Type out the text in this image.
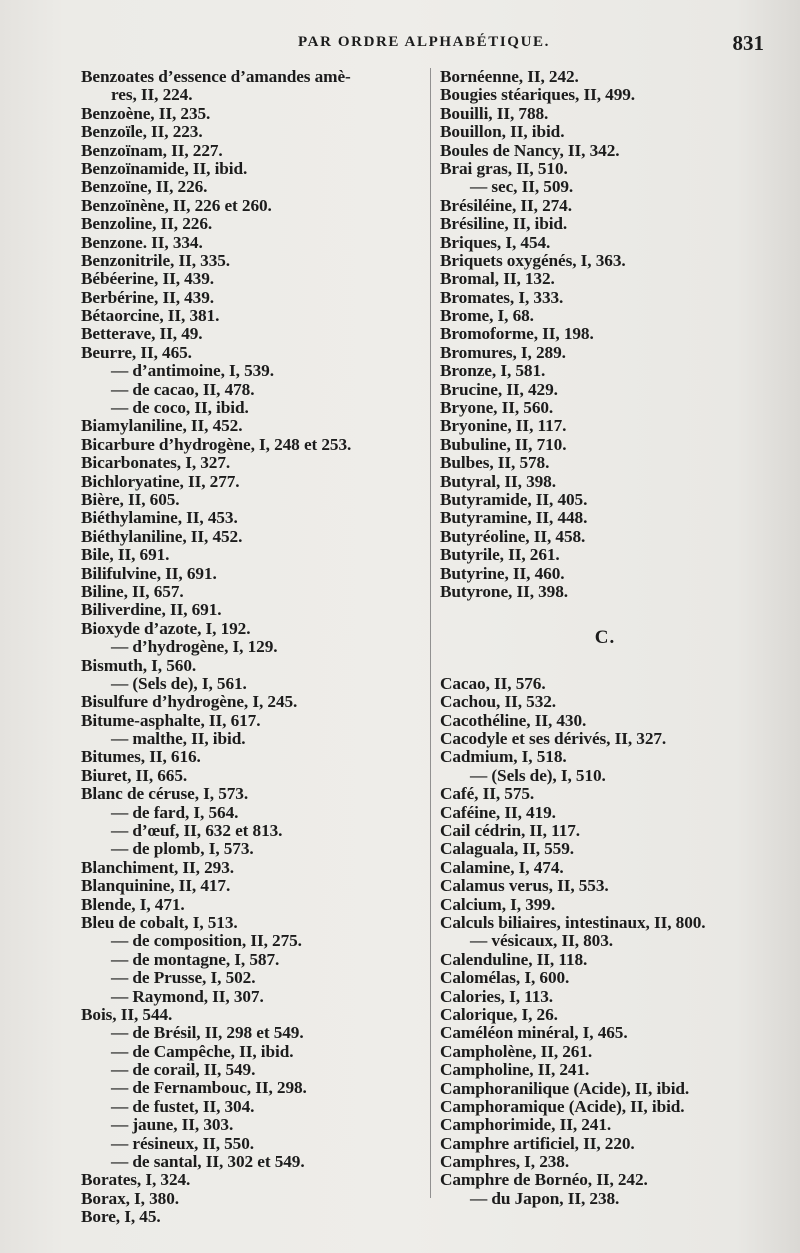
PAR ORDRE ALPHABÉTIQUE.	831
Benzoates d’essence d’amandes amè-
res, II, 224.
Benzoène, II, 235.
Benzoïle, II, 223.
Benzoïnam, II, 227.
Benzoïnamide, II, ibid.
Benzoïne, II, 226.
Benzoïnène, II, 226 et 260.
Benzoline, II, 226.
Benzone. II, 334.
Benzonitrile, II, 335.
Bébéerine, II, 439.
Berbérine, II, 439.
Bétaorcine, II, 381.
Betterave, II, 49.
Beurre, II, 465.
— d’antimoine, I, 539.
— de cacao, II, 478.
— de coco, II, ibid.
Biamylaniline, II, 452.
Bicarbure d’hydrogène, I, 248 et 253.
Bicarbonates, I, 327.
Bichloryatine, II, 277.
Bière, II, 605.
Biéthylamine, II, 453.
Biéthylaniline, II, 452.
Bile, II, 691.
Bilifulvine, II, 691.
Biline, II, 657.
Biliverdine, II, 691.
Bioxyde d’azote, I, 192.
— d’hydrogène, I, 129.
Bismuth, I, 560.
— (Sels de), I, 561.
Bisulfure d’hydrogène, I, 245.
Bitume-asphalte, II, 617.
— malthe, II, ibid.
Bitumes, II, 616.
Biuret, II, 665.
Blanc de céruse, I, 573.
— de fard, I, 564.
— d’œuf, II, 632 et 813.
— de plomb, I, 573.
Blanchiment, II, 293.
Blanquinine, II, 417.
Blende, I, 471.
Bleu de cobalt, I, 513.
— de composition, II, 275.
— de montagne, I, 587.
— de Prusse, I, 502.
— Raymond, II, 307.
Bois, II, 544.
— de Brésil, II, 298 et 549.
— de Campêche, II, ibid.
— de corail, II, 549.
— de Fernambouc, II, 298.
— de fustet, II, 304.
— jaune, II, 303.
— résineux, II, 550.
— de santal, II, 302 et 549.
Borates, I, 324.
Borax, I, 380.
Bore, I, 45.
Bornéenne, II, 242.
Bougies stéariques, II, 499.
Bouilli, II, 788.
Bouillon, II, ibid.
Boules de Nancy, II, 342.
Brai gras, II, 510.
— sec, II, 509.
Brésiléine, II, 274.
Brésiline, II, ibid.
Briques, I, 454.
Briquets oxygénés, I, 363.
Bromal, II, 132.
Bromates, I, 333.
Brome, I, 68.
Bromoforme, II, 198.
Bromures, I, 289.
Bronze, I, 581.
Brucine, II, 429.
Bryone, II, 560.
Bryonine, II, 117.
Bubuline, II, 710.
Bulbes, II, 578.
Butyral, II, 398.
Butyramide, II, 405.
Butyramine, II, 448.
Butyréoline, II, 458.
Butyrile, II, 261.
Butyrine, II, 460.
Butyrone, II, 398.
C.
Cacao, II, 576.
Cachou, II, 532.
Cacothéline, II, 430.
Cacodyle et ses dérivés, II, 327.
Cadmium, I, 518.
— (Sels de), I, 510.
Café, II, 575.
Caféine, II, 419.
Cail cédrin, II, 117.
Calaguala, II, 559.
Calamine, I, 474.
Calamus verus, II, 553.
Calcium, I, 399.
Calculs biliaires, intestinaux, II, 800.
— vésicaux, II, 803.
Calenduline, II, 118.
Calomélas, I, 600.
Calories, I, 113.
Calorique, I, 26.
Caméléon minéral, I, 465.
Campholène, II, 261.
Campholine, II, 241.
Camphoranilique (Acide), II, ibid.
Camphoramique (Acide), II, ibid.
Camphorimide, II, 241.
Camphre artificiel, II, 220.
Camphres, I, 238.
Camphre de Bornéo, II, 242.
— du Japon, II, 238.
